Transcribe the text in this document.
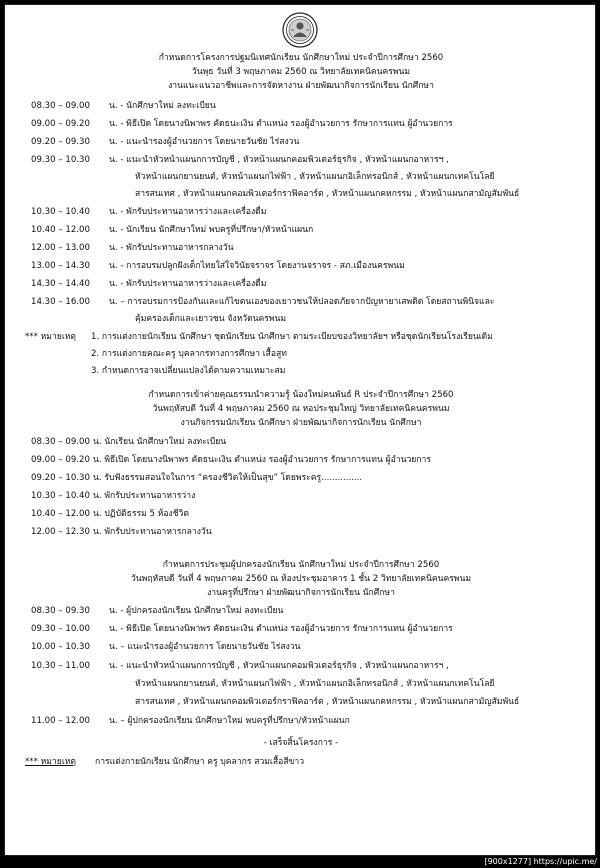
กำหนดการโครงการปฐมนิเทศนักเรียน นักศึกษาใหม่ ประจำปีการศึกษา 2560
วันพุธ วันที่ 3 พฤษภาคม 2560 ณ วิทยาลัยเทคนิคนครพนม
งานแนะแนวอาชีพและการจัดหางาน ฝ่ายพัฒนากิจการนักเรียน นักศึกษา
08.30 – 09.00 น. - นักศึกษาใหม่ ลงทะเบียน
09.00 – 09.20 น. - พิธีเปิด โดยนางนิพาพร คัดธนะเงิน ตำแหน่ง รองผู้อำนวยการ รักษาการแทน ผู้อำนวยการ
09.20 – 09.30 น. - แนะนำรองผู้อำนวยการ โดยนายวันชัย ไร่สงวน
09.30 – 10.30 น. - แนะนำหัวหน้าแผนกการบัญชี , หัวหน้าแผนกคอมพิวเตอร์ธุรกิจ , หัวหน้าแผนกอาหารฯ ,
หัวหน้าแผนกยานยนต์, หัวหน้าแผนกไฟฟ้า , หัวหน้าแผนกอิเล็กทรอนิกส์ , หัวหน้าแผนกเทคโนโลยี
สารสนเทศ , หัวหน้าแผนกคอมพิวเตอร์กราฟิคอาร์ต , หัวหน้าแผนกคหกรรม , หัวหน้าแผนกสามัญสัมพันธ์
10.30 – 10.40 น. - พักรับประทานอาหารว่างและเครื่องดื่ม
10.40 – 12.00 น. - นักเรียน นักศึกษาใหม่ พบครูที่ปรึกษา/หัวหน้าแผนก
12.00 – 13.00 น. - พักรับประทานอาหารกลางวัน
13.00 – 14.30 น. - การอบรมปลูกฝังเด็กไทยใส่ใจวินัยจราจร โดยงานจราจร - สภ.เมืองนครพนม
14.30 – 14.40 น. - พักรับประทานอาหารว่างและเครื่องดื่ม
14.30 – 16.00 น. – การอบรมการป้องกันและแก้ไขตนเองของเยาวชนให้ปลอดภัยจากปัญหายาเสพติด โดยสถานพินิจและ
คุ้มครองเด็กและเยาวชน จังหวัดนครพนม
*** หมายเหตุ 1. การแต่งกายนักเรียน นักศึกษา ชุดนักเรียน นักศึกษา ตามระเบียบของวิทยาลัยฯ หรือชุดนักเรียนโรงเรียนเดิม
2. การแต่งกายคณะครู บุคลากรทางการศึกษา เสื้อสูท
3. กำหนดการอาจเปลี่ยนแปลงได้ตามความเหมาะสม
กำหนดการเข้าค่ายคุณธรรมนำความรู้ น้องใหม่คนพันธ์ R ประจำปีการศึกษา 2560
วันพฤหัสบดี วันที่ 4 พฤษภาคม 2560 ณ หอประชุมใหญ่ วิทยาลัยเทคนิคนครพนม
งานกิจกรรมนักเรียน นักศึกษา ฝ่ายพัฒนากิจการนักเรียน นักศึกษา
08.30 – 09.00 น. นักเรียน นักศึกษาใหม่ ลงทะเบียน
09.00 – 09.20 น. พิธีเปิด โดยนางนิพาพร คัดธนะเงิน ตำแหน่ง รองผู้อำนวยการ รักษาการแทน ผู้อำนวยการ
09.20 – 10.30 น. รับฟังธรรมสอนใจในการ “ครองชีวิตให้เป็นสุข” โดยพระครู...............
10.30 – 10.40 น. พักรับประทานอาหารว่าง
10.40 – 12.00 น. ปฏิบัติธรรม 5 ห้องชีวิต
12.00 – 12.30 น. พักรับประทานอาหารกลางวัน
กำหนดการประชุมผู้ปกครองนักเรียน นักศึกษาใหม่ ประจำปีการศึกษา 2560
วันพฤหัสบดี วันที่ 4 พฤษภาคม 2560 ณ ห้องประชุมอาคาร 1 ชั้น 2 วิทยาลัยเทคนิคนครพนม
งานครูที่ปรึกษา ฝ่ายพัฒนากิจการนักเรียน นักศึกษา
08.30 – 09.30 น. - ผู้ปกครองนักเรียน นักศึกษาใหม่ ลงทะเบียน
09.30 – 10.00 น. - พิธีเปิด โดยนางนิพาพร คัดธนะเงิน ตำแหน่ง รองผู้อำนวยการ รักษาการแทน ผู้อำนวยการ
10.00 – 10.30 น. – แนะนำรองผู้อำนวยการ โดยนายวันชัย ไร่สงวน
10.30 – 11.00 น. - แนะนำหัวหน้าแผนกการบัญชี , หัวหน้าแผนกคอมพิวเตอร์ธุรกิจ , หัวหน้าแผนกอาหารฯ ,
หัวหน้าแผนกยานยนต์, หัวหน้าแผนกไฟฟ้า , หัวหน้าแผนกอิเล็กทรอนิกส์ , หัวหน้าแผนกเทคโนโลยี
สารสนเทศ , หัวหน้าแผนกคอมพิวเตอร์กราฟิคอาร์ต , หัวหน้าแผนกคหกรรม , หัวหน้าแผนกสามัญสัมพันธ์
11.00 – 12.00 น. – ผู้ปกครองนักเรียน นักศึกษาใหม่ พบครูที่ปรึกษา/หัวหน้าแผนก
- เสร็จสิ้นโครงการ -
*** หมายเหตุ การแต่งกายนักเรียน นักศึกษา ครู บุคลากร สวมเสื้อสีขาว
[900x1277] https://upic.me/
